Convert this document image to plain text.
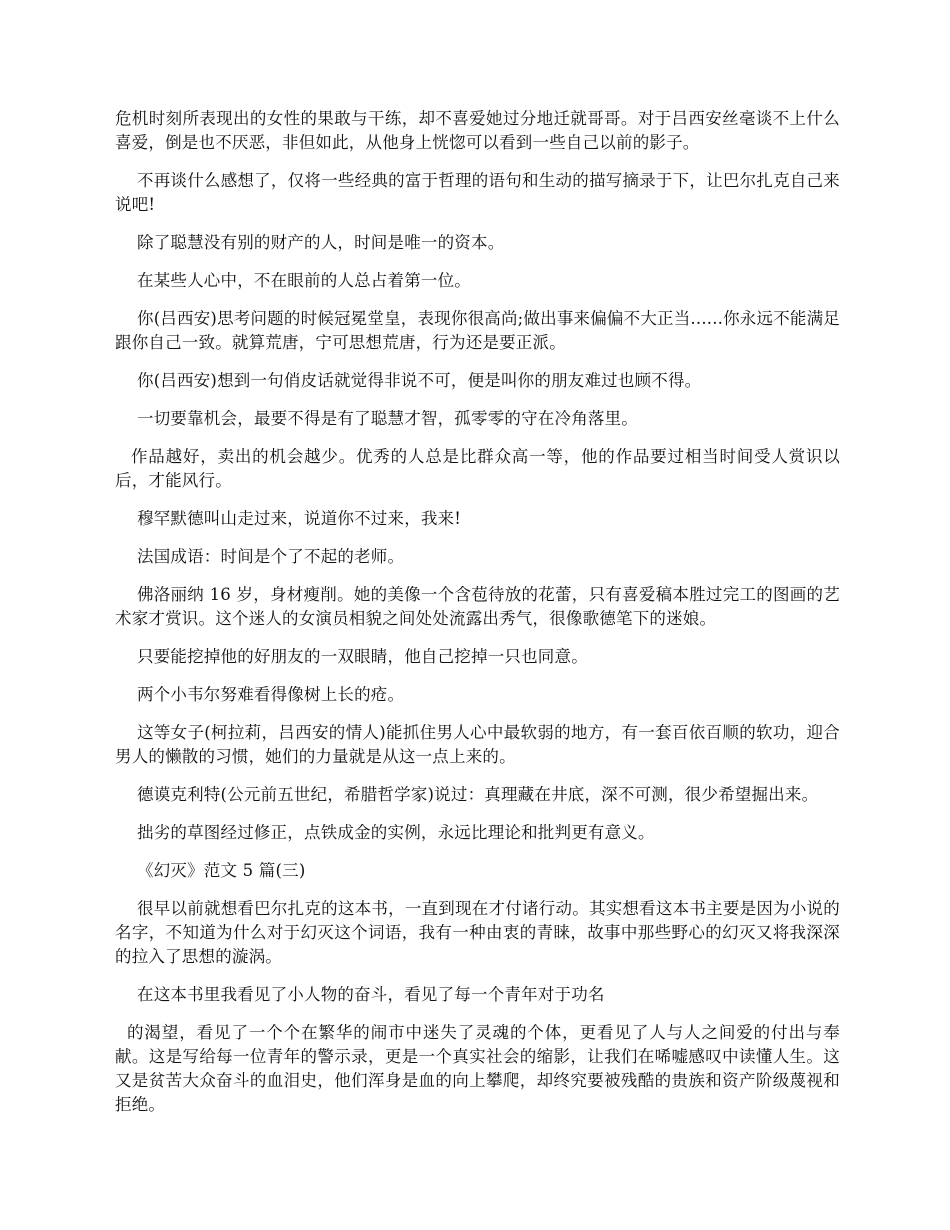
危机时刻所表现出的女性的果敢与干练，却不喜爱她过分地迁就哥哥。对于吕西安丝毫谈不上什么喜爱，倒是也不厌恶，非但如此，从他身上恍惚可以看到一些自己以前的影子。

不再谈什么感想了，仅将一些经典的富于哲理的语句和生动的描写摘录于下，让巴尔扎克自己来说吧!

除了聪慧没有别的财产的人，时间是唯一的资本。

在某些人心中，不在眼前的人总占着第一位。

你(吕西安)思考问题的时候冠冕堂皇，表现你很高尚;做出事来偏偏不大正当......你永远不能满足跟你自己一致。就算荒唐，宁可思想荒唐，行为还是要正派。

你(吕西安)想到一句俏皮话就觉得非说不可，便是叫你的朋友难过也顾不得。

一切要靠机会，最要不得是有了聪慧才智，孤零零的守在冷角落里。

作品越好，卖出的机会越少。优秀的人总是比群众高一等，他的作品要过相当时间受人赏识以后，才能风行。

穆罕默德叫山走过来，说道你不过来，我来!

法国成语：时间是个了不起的老师。

佛洛丽纳 16 岁，身材瘦削。她的美像一个含苞待放的花蕾，只有喜爱稿本胜过完工的图画的艺术家才赏识。这个迷人的女演员相貌之间处处流露出秀气，很像歌德笔下的迷娘。

只要能挖掉他的好朋友的一双眼睛，他自己挖掉一只也同意。

两个小韦尔努难看得像树上长的疮。

这等女子(柯拉莉，吕西安的情人)能抓住男人心中最软弱的地方，有一套百依百顺的软功，迎合男人的懒散的习惯，她们的力量就是从这一点上来的。

德谟克利特(公元前五世纪，希腊哲学家)说过：真理藏在井底，深不可测，很少希望掘出来。

拙劣的草图经过修正，点铁成金的实例，永远比理论和批判更有意义。

《幻灭》范文 5 篇(三)

很早以前就想看巴尔扎克的这本书，一直到现在才付诸行动。其实想看这本书主要是因为小说的名字，不知道为什么对于幻灭这个词语，我有一种由衷的青睐，故事中那些野心的幻灭又将我深深的拉入了思想的漩涡。

在这本书里我看见了小人物的奋斗，看见了每一个青年对于功名

的渴望，看见了一个个在繁华的闹市中迷失了灵魂的个体，更看见了人与人之间爱的付出与奉献。这是写给每一位青年的警示录，更是一个真实社会的缩影，让我们在唏嘘感叹中读懂人生。这又是贫苦大众奋斗的血泪史，他们浑身是血的向上攀爬，却终究要被残酷的贵族和资产阶级蔑视和拒绝。
